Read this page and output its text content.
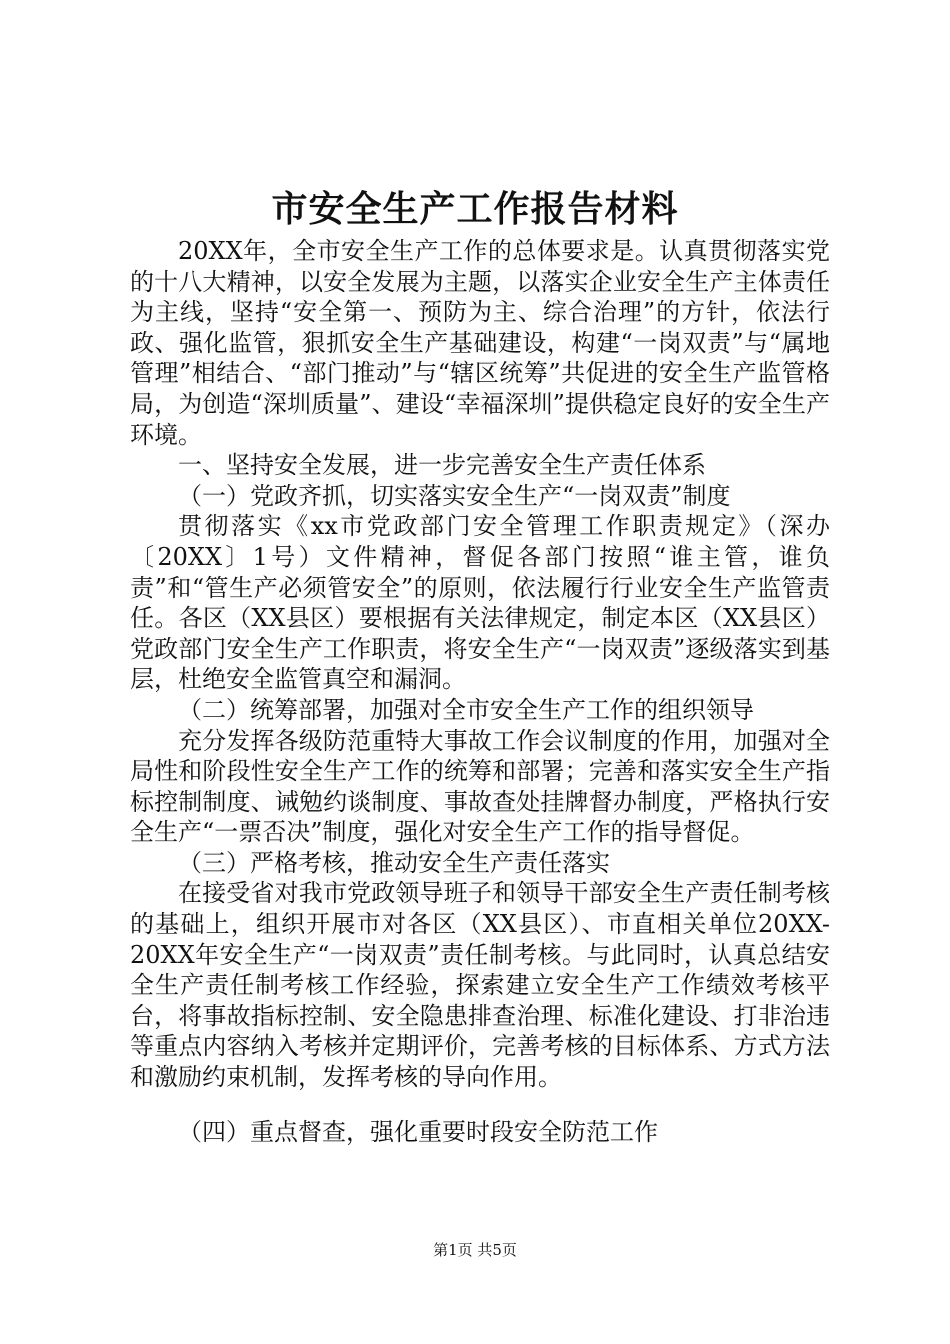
市安全生产工作报告材料

20XX年，全市安全生产工作的总体要求是。认真贯彻落实党的十八大精神，以安全发展为主题，以落实企业安全生产主体责任为主线，坚持“安全第一、预防为主、综合治理”的方针，依法行政、强化监管，狠抓安全生产基础建设，构建“一岗双责”与“属地管理”相结合、“部门推动”与“辖区统筹”共促进的安全生产监管格局，为创造“深圳质量”、建设“幸福深圳”提供稳定良好的安全生产环境。

一、坚持安全发展，进一步完善安全生产责任体系

（一）党政齐抓，切实落实安全生产“一岗双责”制度

贯彻落实《xx市党政部门安全管理工作职责规定》（深办〔20XX〕1号）文件精神，督促各部门按照“谁主管，谁负责”和“管生产必须管安全”的原则，依法履行行业安全生产监管责任。各区（XX县区）要根据有关法律规定，制定本区（XX县区）党政部门安全生产工作职责，将安全生产“一岗双责”逐级落实到基层，杜绝安全监管真空和漏洞。

（二）统筹部署，加强对全市安全生产工作的组织领导

充分发挥各级防范重特大事故工作会议制度的作用，加强对全局性和阶段性安全生产工作的统筹和部署；完善和落实安全生产指标控制制度、诫勉约谈制度、事故查处挂牌督办制度，严格执行安全生产“一票否决”制度，强化对安全生产工作的指导督促。

（三）严格考核，推动安全生产责任落实

在接受省对我市党政领导班子和领导干部安全生产责任制考核的基础上，组织开展市对各区（XX县区）、市直相关单位20XX-20XX年安全生产“一岗双责”责任制考核。与此同时，认真总结安全生产责任制考核工作经验，探索建立安全生产工作绩效考核平台，将事故指标控制、安全隐患排查治理、标准化建设、打非治违等重点内容纳入考核并定期评价，完善考核的目标体系、方式方法和激励约束机制，发挥考核的导向作用。

（四）重点督查，强化重要时段安全防范工作

第1页 共5页
